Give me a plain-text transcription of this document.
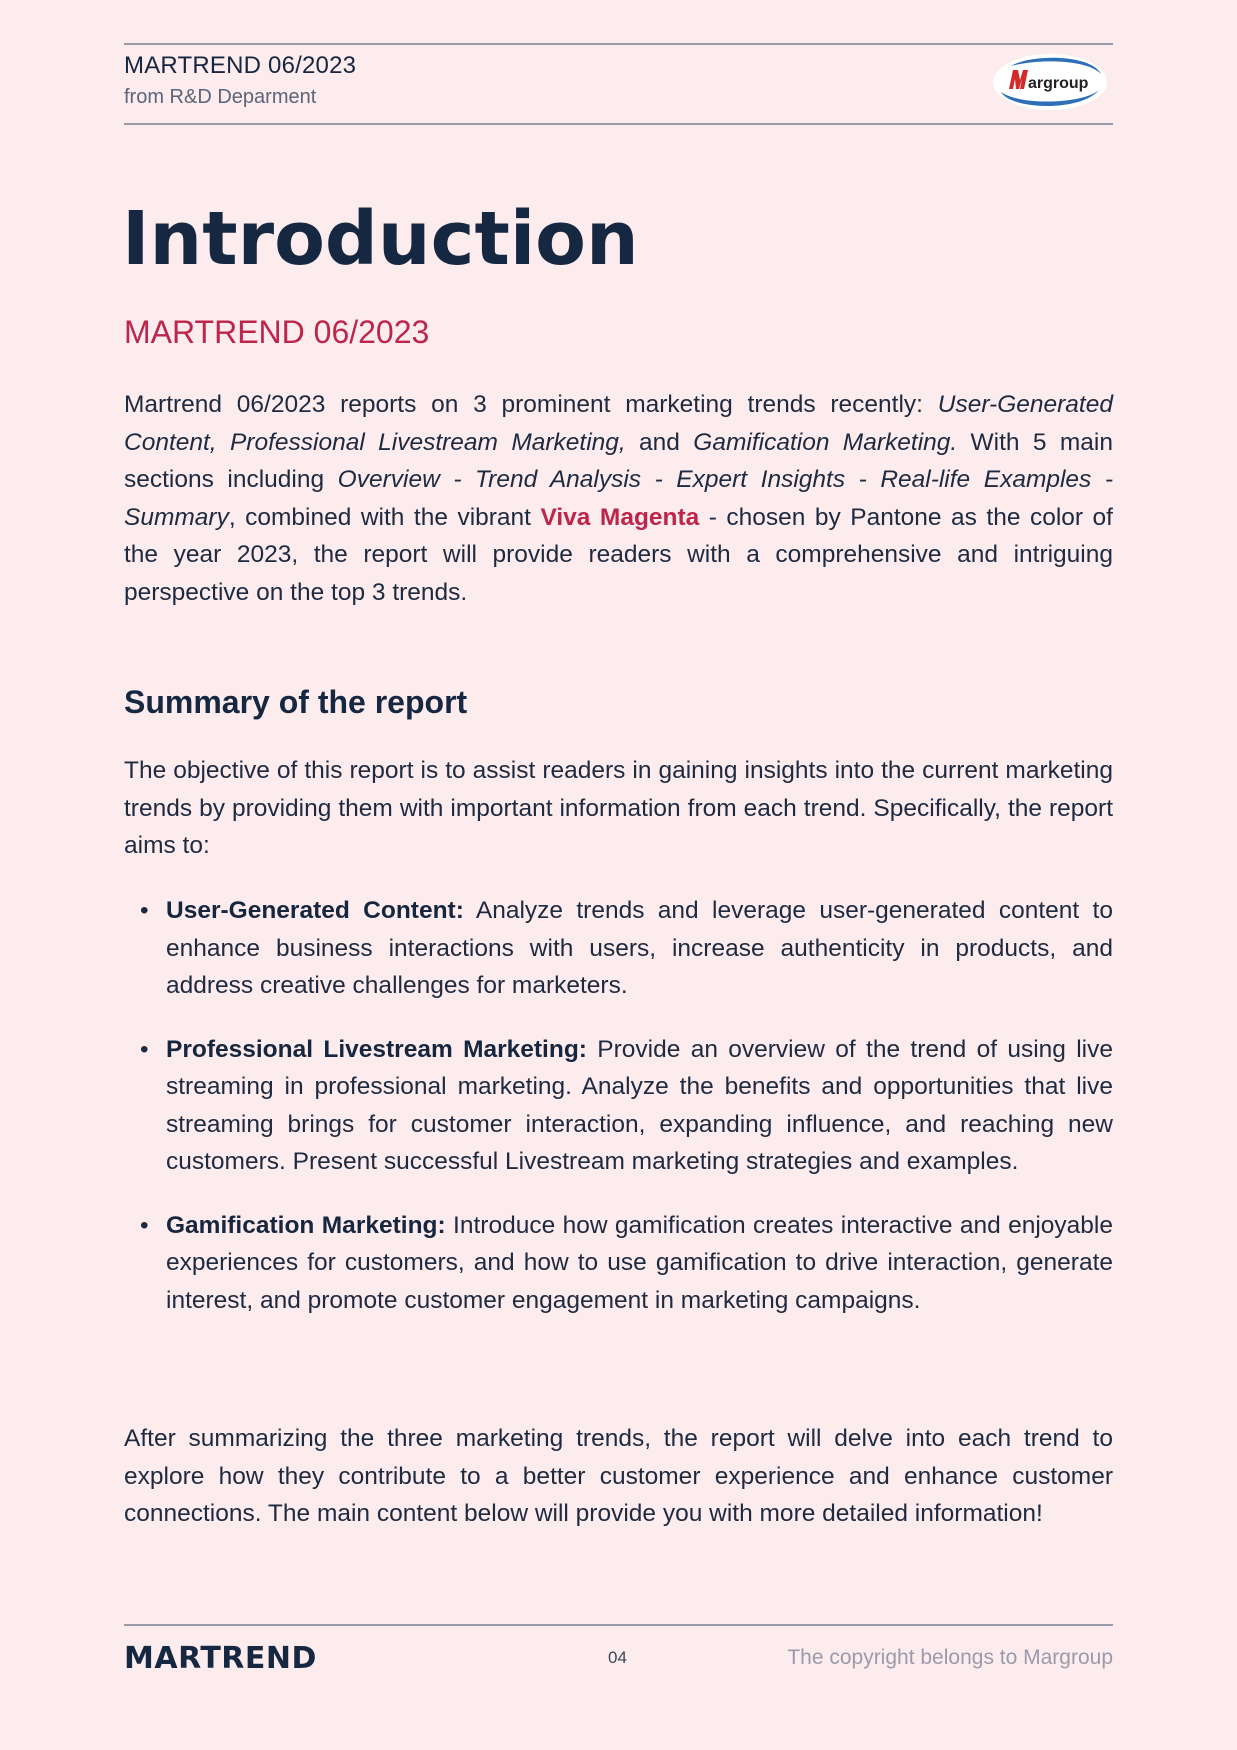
MARTREND 06/2023
from R&D Deparment
argroup
Introduction
MARTREND 06/2023

Martrend 06/2023 reports on 3 prominent marketing trends recently: User-Generated Content, Professional Livestream Marketing, and Gamification Marketing. With 5 main sections including Overview - Trend Analysis - Expert Insights - Real-life Examples - Summary, combined with the vibrant Viva Magenta - chosen by Pantone as the color of the year 2023, the report will provide readers with a comprehensive and intriguing perspective on the top 3 trends.

Summary of the report

The objective of this report is to assist readers in gaining insights into the current marketing trends by providing them with important information from each trend. Specifically, the report aims to:

• User-Generated Content: Analyze trends and leverage user-generated content to enhance business interactions with users, increase authenticity in products, and address creative challenges for marketers.
• Professional Livestream Marketing: Provide an overview of the trend of using live streaming in professional marketing. Analyze the benefits and opportunities that live streaming brings for customer interaction, expanding influence, and reaching new customers. Present successful Livestream marketing strategies and examples.
• Gamification Marketing: Introduce how gamification creates interactive and enjoyable experiences for customers, and how to use gamification to drive interaction, generate interest, and promote customer engagement in marketing campaigns.

After summarizing the three marketing trends, the report will delve into each trend to explore how they contribute to a better customer experience and enhance customer connections. The main content below will provide you with more detailed information!

MARTREND	04	The copyright belongs to Margroup
